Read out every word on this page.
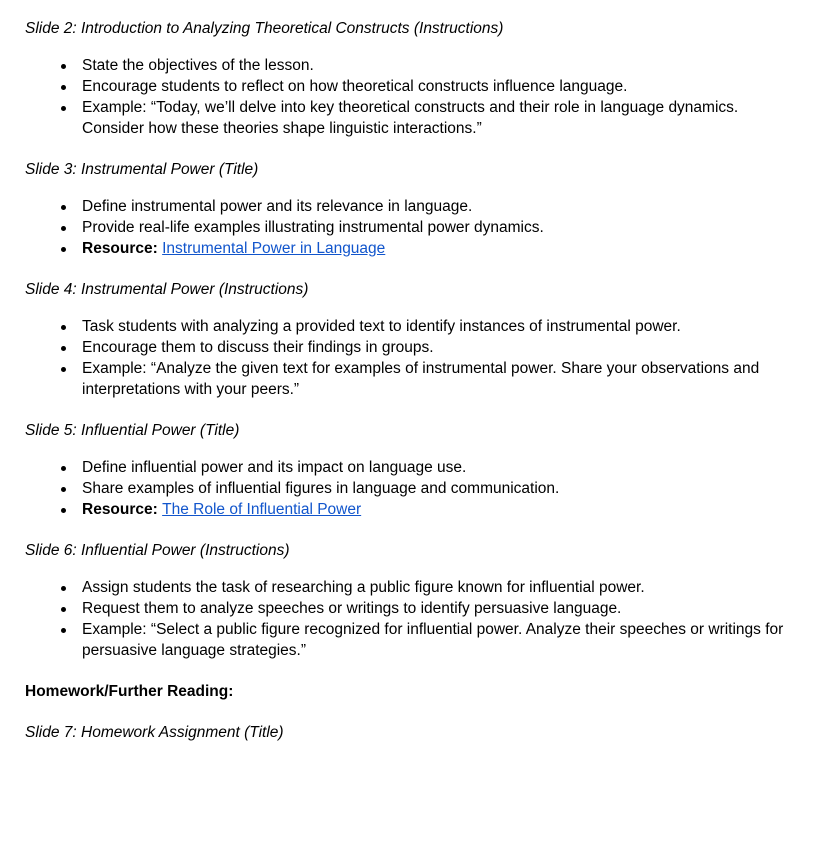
Slide 2: Introduction to Analyzing Theoretical Constructs (Instructions)

State the objectives of the lesson.
Encourage students to reflect on how theoretical constructs influence language.
Example: “Today, we’ll delve into key theoretical constructs and their role in language dynamics. Consider how these theories shape linguistic interactions.”

Slide 3: Instrumental Power (Title)

Define instrumental power and its relevance in language.
Provide real-life examples illustrating instrumental power dynamics.
Resource: Instrumental Power in Language

Slide 4: Instrumental Power (Instructions)

Task students with analyzing a provided text to identify instances of instrumental power.
Encourage them to discuss their findings in groups.
Example: “Analyze the given text for examples of instrumental power. Share your observations and interpretations with your peers.”

Slide 5: Influential Power (Title)

Define influential power and its impact on language use.
Share examples of influential figures in language and communication.
Resource: The Role of Influential Power

Slide 6: Influential Power (Instructions)

Assign students the task of researching a public figure known for influential power.
Request them to analyze speeches or writings to identify persuasive language.
Example: “Select a public figure recognized for influential power. Analyze their speeches or writings for persuasive language strategies.”

Homework/Further Reading:

Slide 7: Homework Assignment (Title)
